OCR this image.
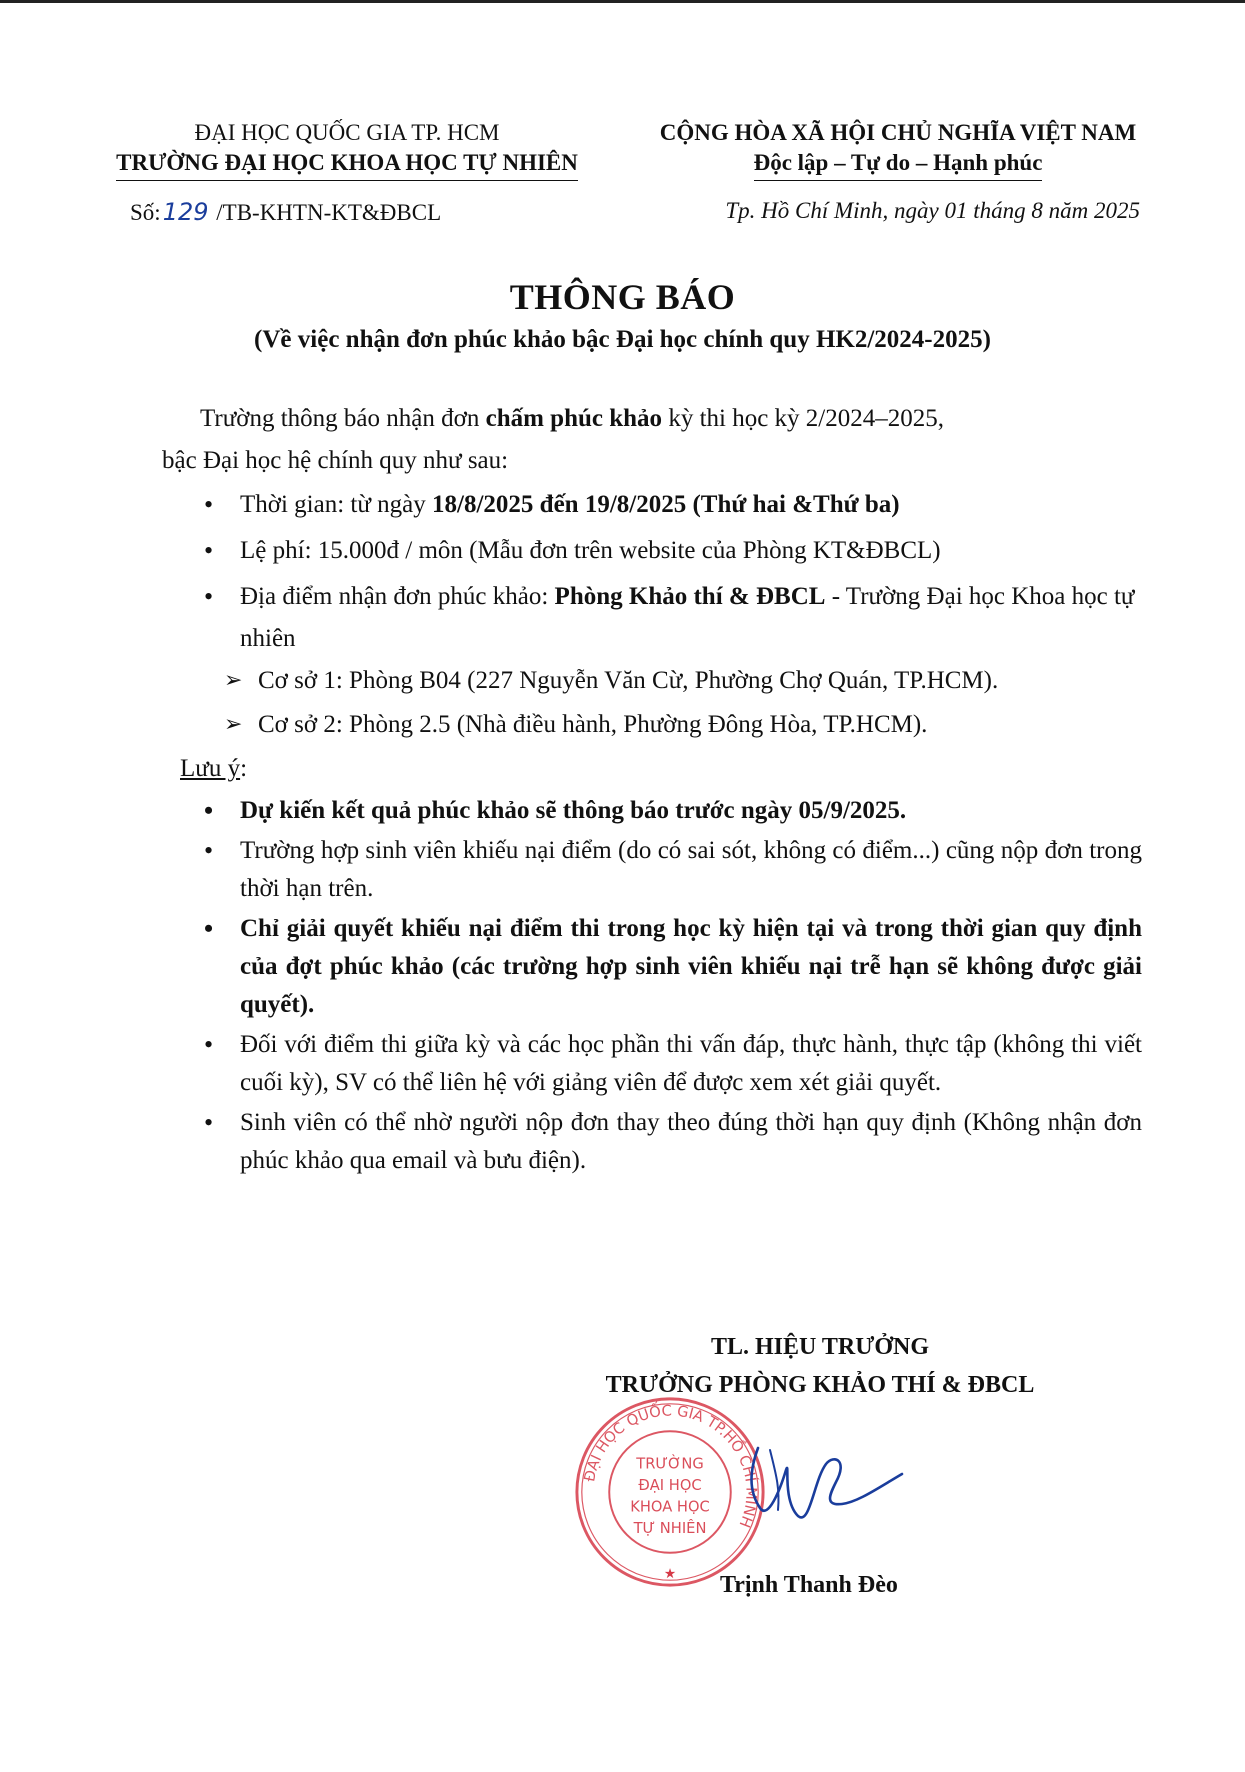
ĐẠI HỌC QUỐC GIA TP. HCM
TRƯỜNG ĐẠI HỌC KHOA HỌC TỰ NHIÊN
CỘNG HÒA XÃ HỘI CHỦ NGHĨA VIỆT NAM
Độc lập – Tự do – Hạnh phúc
Số:129 /TB-KHTN-KT&ĐBCL	Tp. Hồ Chí Minh, ngày 01 tháng 8 năm 2025
THÔNG BÁO
(Về việc nhận đơn phúc khảo bậc Đại học chính quy HK2/2024-2025)
Trường thông báo nhận đơn chấm phúc khảo kỳ thi học kỳ 2/2024–2025,
bậc Đại học hệ chính quy như sau:
• Thời gian: từ ngày 18/8/2025 đến 19/8/2025 (Thứ hai &Thứ ba)
• Lệ phí: 15.000đ / môn (Mẫu đơn trên website của Phòng KT&ĐBCL)
• Địa điểm nhận đơn phúc khảo: Phòng Khảo thí & ĐBCL - Trường Đại học Khoa học tự nhiên
➢ Cơ sở 1: Phòng B04 (227 Nguyễn Văn Cừ, Phường Chợ Quán, TP.HCM).
➢ Cơ sở 2: Phòng 2.5 (Nhà điều hành, Phường Đông Hòa, TP.HCM).
Lưu ý:
• Dự kiến kết quả phúc khảo sẽ thông báo trước ngày 05/9/2025.
• Trường hợp sinh viên khiếu nại điểm (do có sai sót, không có điểm...) cũng nộp đơn trong thời hạn trên.
• Chỉ giải quyết khiếu nại điểm thi trong học kỳ hiện tại và trong thời gian quy định của đợt phúc khảo (các trường hợp sinh viên khiếu nại trễ hạn sẽ không được giải quyết).
• Đối với điểm thi giữa kỳ và các học phần thi vấn đáp, thực hành, thực tập (không thi viết cuối kỳ), SV có thể liên hệ với giảng viên để được xem xét giải quyết.
• Sinh viên có thể nhờ người nộp đơn thay theo đúng thời hạn quy định (Không nhận đơn phúc khảo qua email và bưu điện).
TL. HIỆU TRƯỞNG
TRƯỞNG PHÒNG KHẢO THÍ & ĐBCL
ĐẠI HỌC QUỐC GIA TP.HỒ CHÍ MINH
TRƯỜNG
ĐẠI HỌC
KHOA HỌC
TỰ NHIÊN
★ Trịnh Thanh Đèo
